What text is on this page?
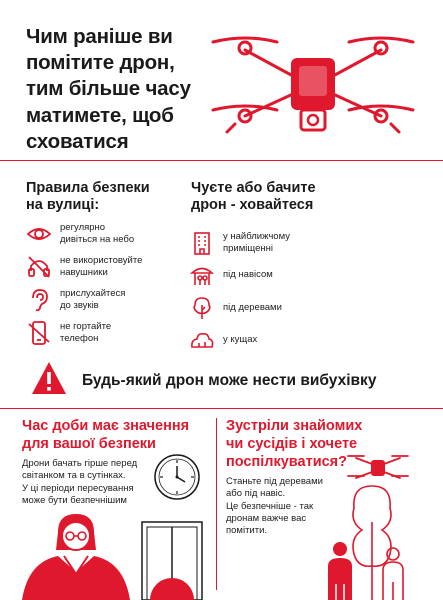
Чим раніше ви
помітите дрон,
тим більше часу
матимете, щоб
сховатися
Правила безпеки
на вулиці:
регулярно
дивіться на небо
не використовуйте
навушники
прислухайтеся
до звуків
не гортайте
телефон
Чуєте або бачите
дрон - ховайтеся
у найближчому
приміщенні
під навісом
під деревами
у кущах
Будь-який дрон може нести вибухівку
Час доби має значення
для вашої безпеки
Дрони бачать гірше перед
світанком та в сутінках.
У ці періоди пересування
може бути безпечнішим
Зустріли знайомих
чи сусідів і хочете
поспілкуватися?
Станьте під деревами
або під навіс.
Це безпечніше - так
дронам важче вас
помітити.
